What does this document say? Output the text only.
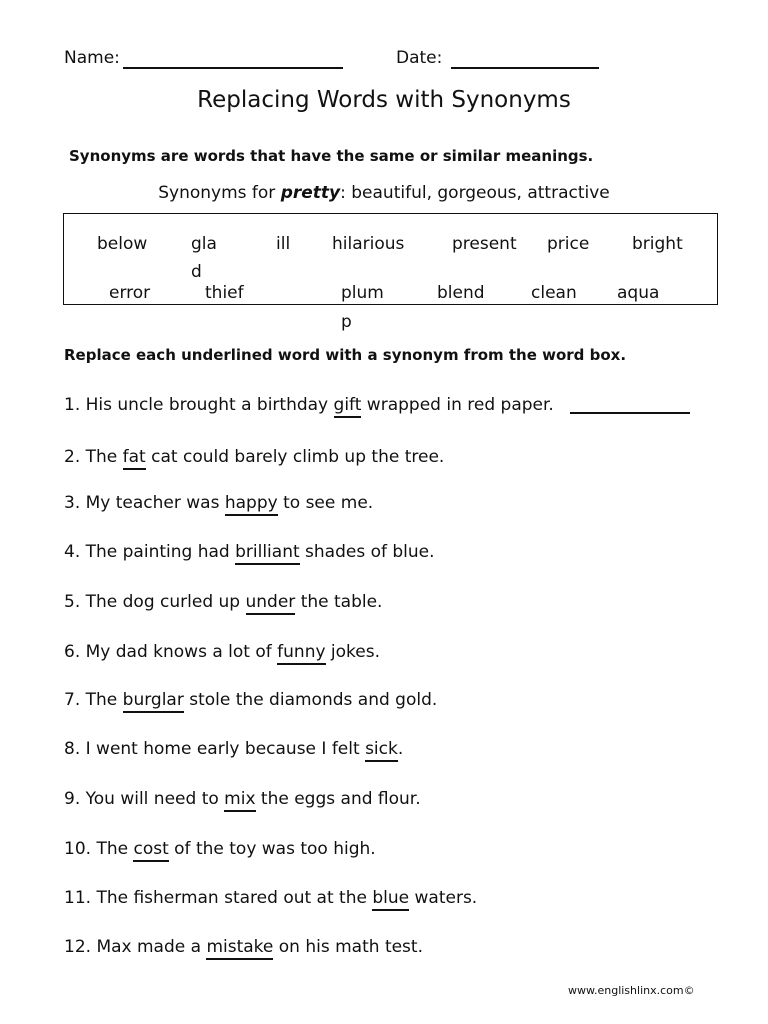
Name:	Date:
Replacing Words with Synonyms
Synonyms are words that have the same or similar meanings.
Synonyms for pretty: beautiful, gorgeous, attractive
below	gla	ill hilarious	present price	bright
d
error	thief	plum	blend	clean aqua
p
Replace each underlined word with a synonym from the word box.
1. His uncle brought a birthday gift wrapped in red paper.
2. The fat cat could barely climb up the tree.
3. My teacher was happy to see me.
4. The painting had brilliant shades of blue.
5. The dog curled up under the table.
6. My dad knows a lot of funny jokes.
7. The burglar stole the diamonds and gold.
8. I went home early because I felt sick.
9. You will need to mix the eggs and flour.
10. The cost of the toy was too high.
11. The fisherman stared out at the blue waters.
12. Max made a mistake on his math test.
www.englishlinx.com©
